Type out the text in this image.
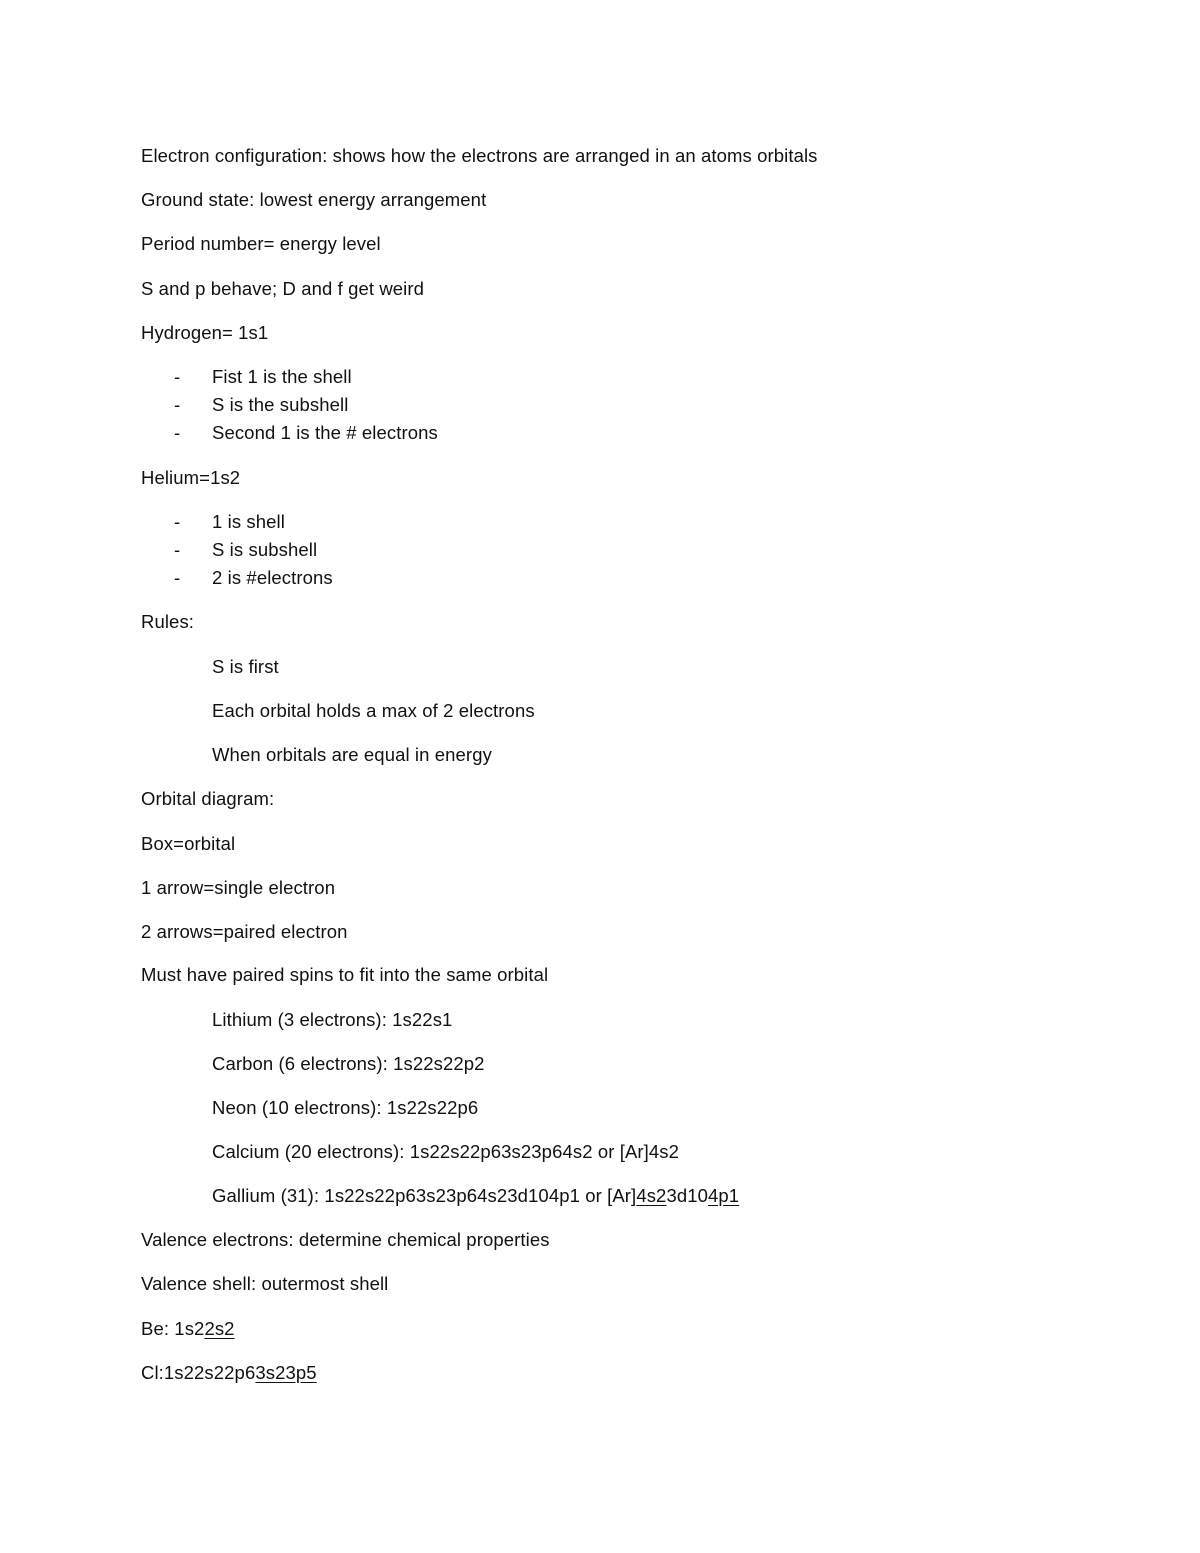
Electron configuration: shows how the electrons are arranged in an atoms orbitals
Ground state: lowest energy arrangement
Period number= energy level
S and p behave; D and f get weird
Hydrogen= 1s1
- Fist 1 is the shell
- S is the subshell
- Second 1 is the # electrons
Helium=1s2
- 1 is shell
- S is subshell
- 2 is #electrons
Rules:
S is first
Each orbital holds a max of 2 electrons
When orbitals are equal in energy
Orbital diagram:
Box=orbital
1 arrow=single electron
2 arrows=paired electron
Must have paired spins to fit into the same orbital
Lithium (3 electrons): 1s22s1
Carbon (6 electrons): 1s22s22p2
Neon (10 electrons): 1s22s22p6
Calcium (20 electrons): 1s22s22p63s23p64s2 or [Ar]4s2
Gallium (31): 1s22s22p63s23p64s23d104p1 or [Ar]4s23d104p1
Valence electrons: determine chemical properties
Valence shell: outermost shell
Be: 1s22s2
Cl:1s22s22p63s23p5
